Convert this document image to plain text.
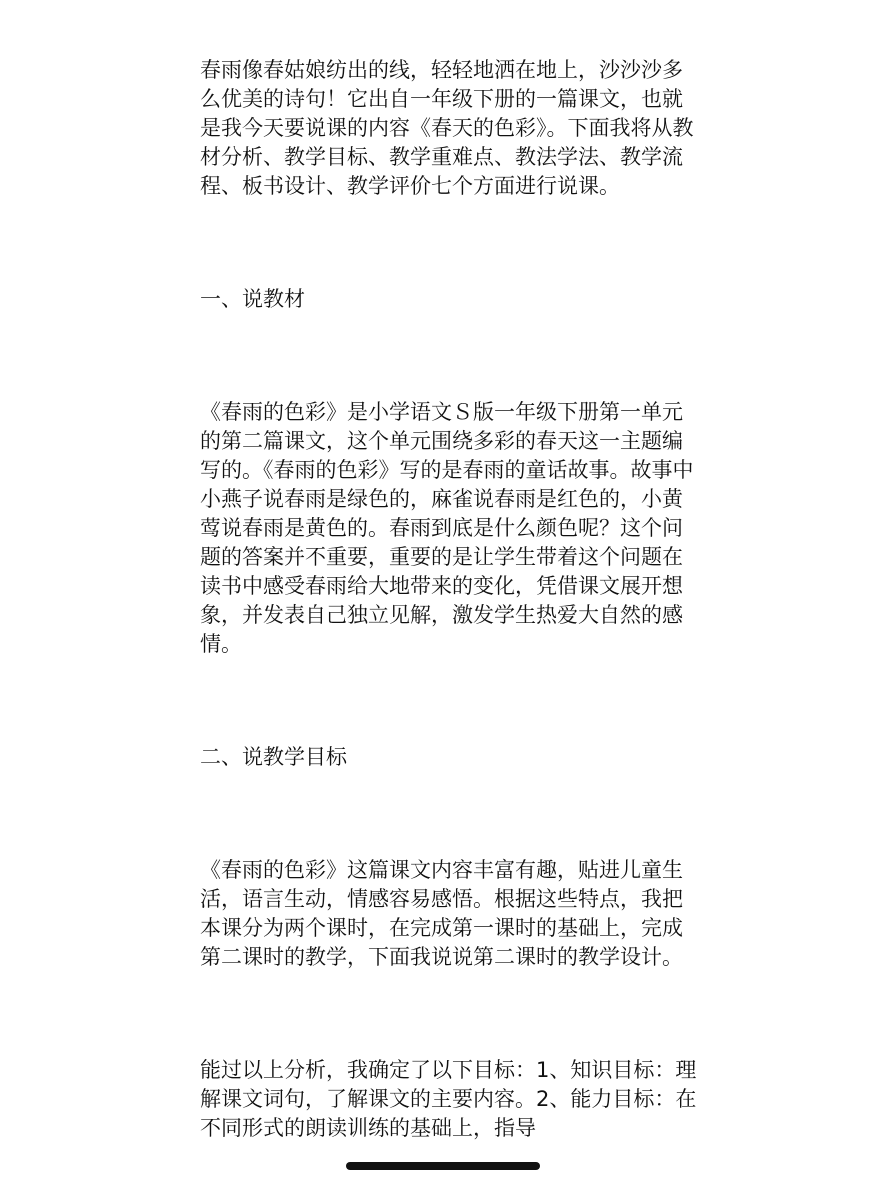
春雨像春姑娘纺出的线，轻轻地洒在地上，沙沙沙多么优美的诗句！它出自一年级下册的一篇课文，也就是我今天要说课的内容《春天的色彩》。下面我将从教材分析、教学目标、教学重难点、教法学法、教学流程、板书设计、教学评价七个方面进行说课。

一、说教材

《春雨的色彩》是小学语文Ｓ版一年级下册第一单元的第二篇课文，这个单元围绕多彩的春天这一主题编写的。《春雨的色彩》写的是春雨的童话故事。故事中小燕子说春雨是绿色的，麻雀说春雨是红色的，小黄莺说春雨是黄色的。春雨到底是什么颜色呢？这个问题的答案并不重要，重要的是让学生带着这个问题在读书中感受春雨给大地带来的变化，凭借课文展开想象，并发表自己独立见解，激发学生热爱大自然的感情。

二、说教学目标

《春雨的色彩》这篇课文内容丰富有趣，贴进儿童生活，语言生动，情感容易感悟。根据这些特点，我把本课分为两个课时，在完成第一课时的基础上，完成第二课时的教学，下面我说说第二课时的教学设计。

能过以上分析，我确定了以下目标：1、知识目标：理解课文词句，了解课文的主要内容。2、能力目标：在不同形式的朗读训练的基础上，指导
